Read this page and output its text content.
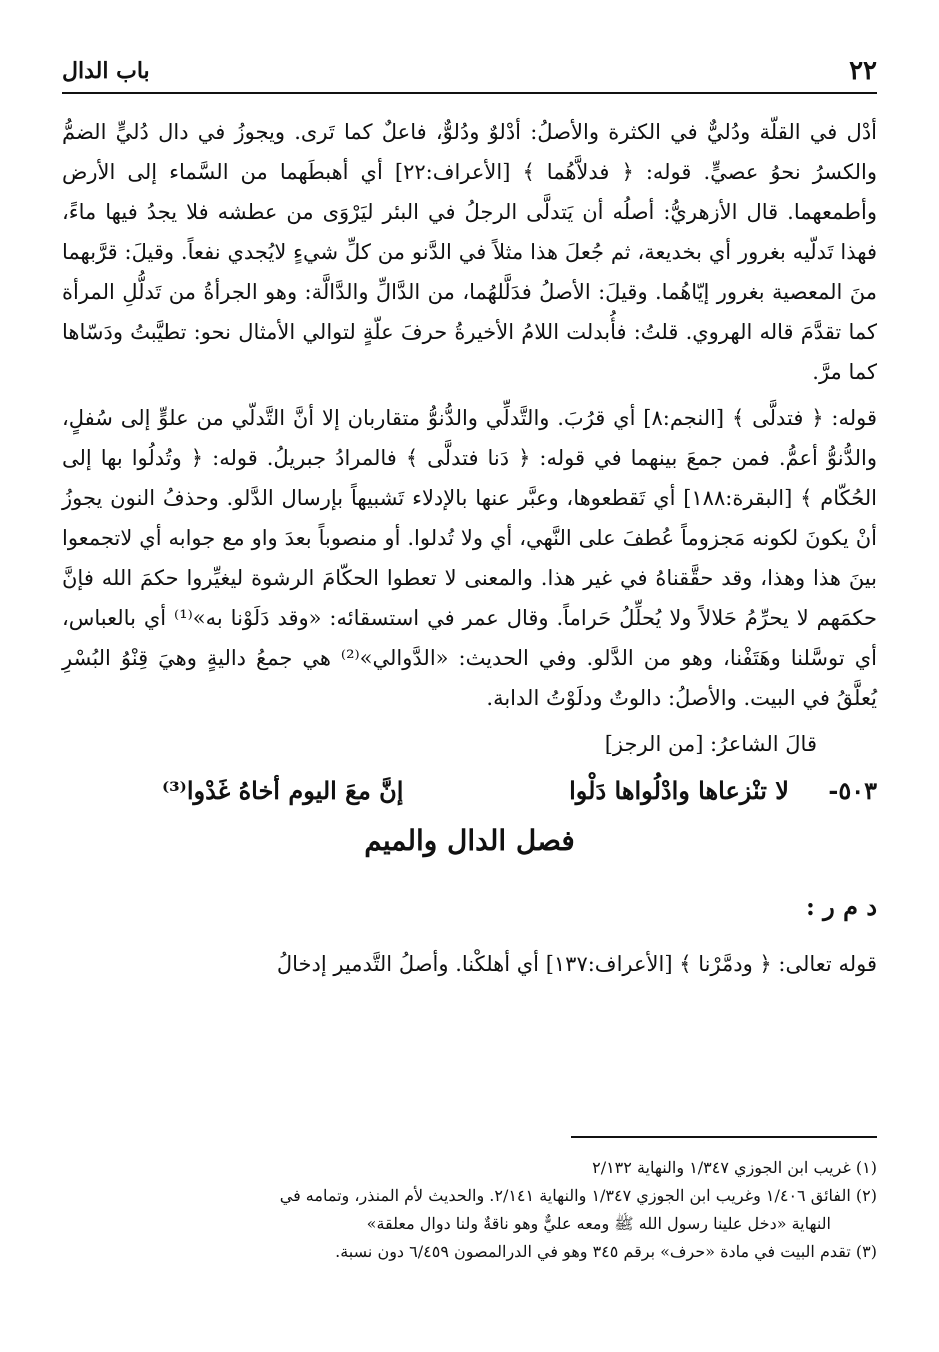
٢٢
باب الدال

أدْل في القلّة ودُليٌّ في الكثرة والأصلُ: أدْلوٌ ودُلوٌّ، فاعلٌ كما تَرى. ويجوزُ في دال دُليٍّ الضمُّ والكسرُ نحوُ عصيٍّ. قوله: ﴿ فدلاَّهُما ﴾ [الأعراف:٢٢] أي أهبطَهما من السَّماء إلى الأرض وأطمعهما. قال الأزهريُّ: أصلُه أن يَتدلَّى الرجلُ في البئر ليَرْوَى من عطشه فلا يجدُ فيها ماءً، فهذا تَدلّيه بغرور أي بخديعة، ثم جُعلَ هذا مثلاً في الدَّنو من كلِّ شيءٍ لايُجدي نفعاً. وقيلَ: قرَّبهما منَ المعصية بغرور إيّاهُما. وقيلَ: الأصلُ فدَلَّلهُما، من الدَّالِّ والدَّالَّة: وهو الجرأةُ من تَدلُّلِ المرأة كما تقدَّمَ قاله الهروي. قلتُ: فأُبدلت اللامُ الأخيرةُ حرفَ علّةٍ لتوالي الأمثال نحو: تطيَّبتُ ودَسّاها كما مرَّ.

قوله: ﴿ فتدلَّى ﴾ [النجم:٨] أي قرُبَ. والتَّدلِّي والدُّنوُّ متقاربان إلا أنَّ التَّدلّي من علوٍّ إلى سُفلٍ، والدُّنوُّ أعمُّ. فمن جمعَ بينهما في قوله: ﴿ دَنا فتدلَّى ﴾ فالمرادُ جبريلُ. قوله: ﴿ وتُدلُوا بها إلى الحُكّام ﴾ [البقرة:١٨٨] أي تَقطعوها، وعبَّر عنها بالإدلاء تَشبيهاً بإرسال الدَّلو. وحذفُ النون يجوزُ أنْ يكونَ لكونه مَجزوماً عُطفَ على النَّهي، أي ولا تُدلوا. أو منصوباً بعدَ واو مع جوابه أي لاتجمعوا بينَ هذا وهذا، وقد حقَّقناهُ في غير هذا. والمعنى لا تعطوا الحكّامَ الرشوة ليغيِّروا حكمَ الله فإنَّ حكمَهم لا يحرِّمُ حَلالاً ولا يُحلِّلُ حَراماً. وقال عمر في استسقائه: «وقد دَلَوْنا به»⁽¹⁾ أي بالعباس، أي توسَّلنا وهَتَفْنا، وهو من الدَّلو. وفي الحديث: «الدَّوالي»⁽²⁾ هي جمعُ داليةٍ وهيَ قِنْوُ البُسْرِ يُعلَّقُ في البيت. والأصلُ: دالوتٌ ودلَوْتُ الدابة.

قالَ الشاعرُ: [من الرجز]
٥٠٣-
لا تنْزعاها وادْلُواها دَلْوا
إنَّ معَ اليوم أخاهُ غَدْوا⁽³⁾
فصل الدال والميم
د م ر :
قوله تعالى: ﴿ ودمَّرْنا ﴾ [الأعراف:١٣٧] أي أهلكْنا. وأصلُ التَّدمير إدخالُ

(١) غريب ابن الجوزي ١/٣٤٧ والنهاية ٢/١٣٢

(٢) الفائق ١/٤٠٦ وغريب ابن الجوزي ١/٣٤٧ والنهاية ٢/١٤١. والحديث لأم المنذر، وتمامه في
النهاية «دخل علينا رسول الله ﷺ ومعه عليٌّ وهو ناقةٌ ولنا دوال معلقة»

(٣) تقدم البيت في مادة «حرف» برقم ٣٤٥ وهو في الدرالمصون ٦/٤٥٩ دون نسبة.
